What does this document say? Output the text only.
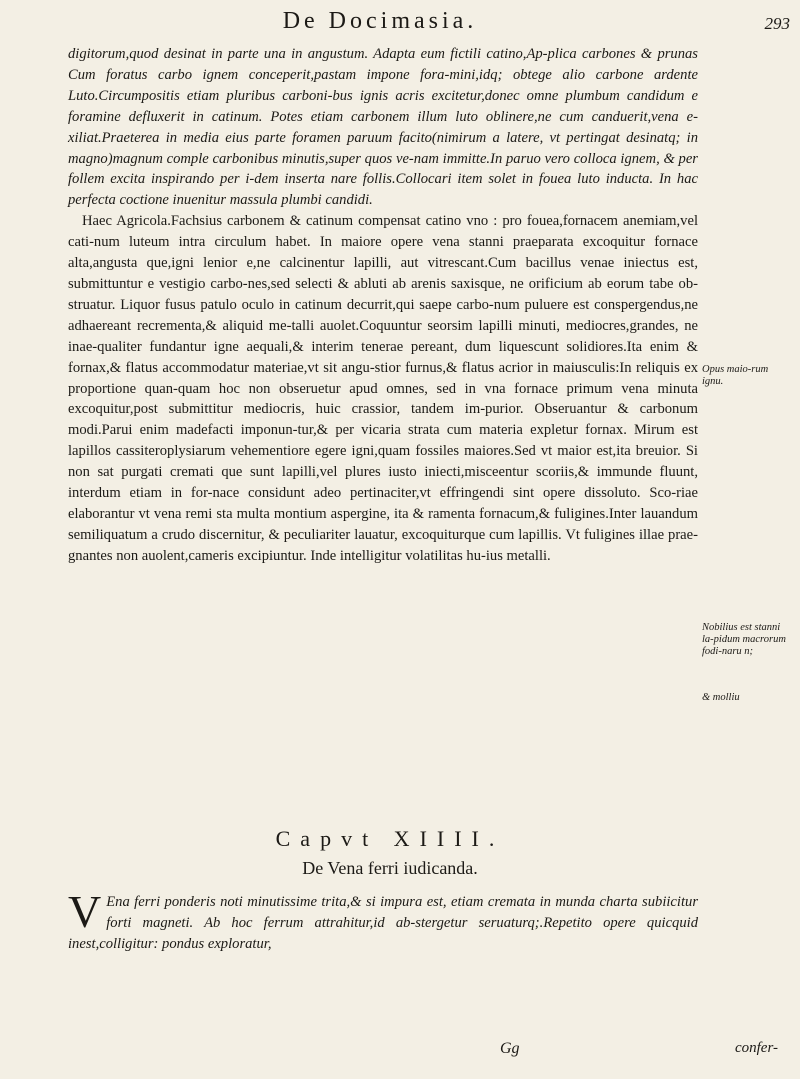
De Docimasia.	293

digitorum,quod desinat in parte una in angustum. Adapta eum fictili catino,Ap-plica carbones & prunas Cum foratus carbo ignem conceperit,pastam impone fora-mini,idq; obtege alio carbone ardente Luto.Circumpositis etiam pluribus carboni-bus ignis acris excitetur,donec omne plumbum candidum e foramine defluxerit in catinum. Potes etiam carbonem illum luto oblinere,ne cum canduerit,vena e-xiliat.Praeterea in media eius parte foramen paruum facito(nimirum a latere, vt pertingat desinatq; in magno)magnum comple carbonibus minutis,super quos ve-nam immitte.In paruo vero colloca ignem, & per follem excita inspirando per i-dem inserta nare follis.Collocari item solet in fouea luto inducta. In hac perfecta coctione inuenitur massula plumbi candidi.

Haec Agricola.Fachsius carbonem & catinum compensat catino vno : pro fouea,fornacem anemiam,vel cati-num luteum intra circulum habet. In maiore opere vena stanni praeparata excoquitur fornace alta,angusta que,igni lenior e,ne calcinentur lapilli, aut vitrescant.Cum bacillus venae iniectus est, submittuntur e vestigio carbo-nes,sed selecti & abluti ab arenis saxisque, ne orificium ab eorum tabe ob-struatur. Liquor fusus patulo oculo in catinum decurrit,qui saepe carbo-num puluere est conspergendus,ne adhaereant recrementa,& aliquid me-talli auolet.Coquuntur seorsim lapilli minuti, mediocres,grandes, ne inae-qualiter fundantur igne aequali,& interim tenerae pereant, dum liquescunt solidiores.Ita enim & fornax,& flatus accommodatur materiae,vt sit angu-stior furnus,& flatus acrior in maiusculis:In reliquis ex proportione quan-quam hoc non obseruetur apud omnes, sed in vna fornace primum vena minuta excoquitur,post submittitur mediocris, huic crassior, tandem im-purior. Obseruantur & carbonum modi.Parui enim madefacti imponun-tur,& per vicaria strata cum materia expletur fornax. Mirum est lapillos cassiteroplysiarum vehementiore egere igni,quam fossiles maiores.Sed vt maior est,ita breuior. Si non sat purgati cremati que sunt lapilli,vel plures iusto iniecti,misceentur scoriis,& immunde fluunt, interdum etiam in for-nace considunt adeo pertinaciter,vt effringendi sint opere dissoluto. Sco-riae elaborantur vt vena remi sta multa montium aspergine, ita & ramenta fornacum,& fuligines.Inter lauandum semiliquatum a crudo discernitur, & peculiariter lauatur, excoquiturque cum lapillis. Vt fuligines illae prae-gnantes non auolent,cameris excipiuntur. Inde intelligitur volatilitas hu-ius metalli.

Opus maio-rum ignu.
Nobilius est stanni la-pidum macrorum fodi-naru n;
& molliu
Capvt XIIII.
De Vena ferri iudicanda.
V Ena ferri ponderis noti minutissime trita,& si impura est, etiam cremata in munda charta subiicitur forti magneti. Ab hoc ferrum attrahitur,id ab-stergetur seruaturq;.Repetito opere quicquid inest,colligitur: pondus exploratur,
Gg	confer-
